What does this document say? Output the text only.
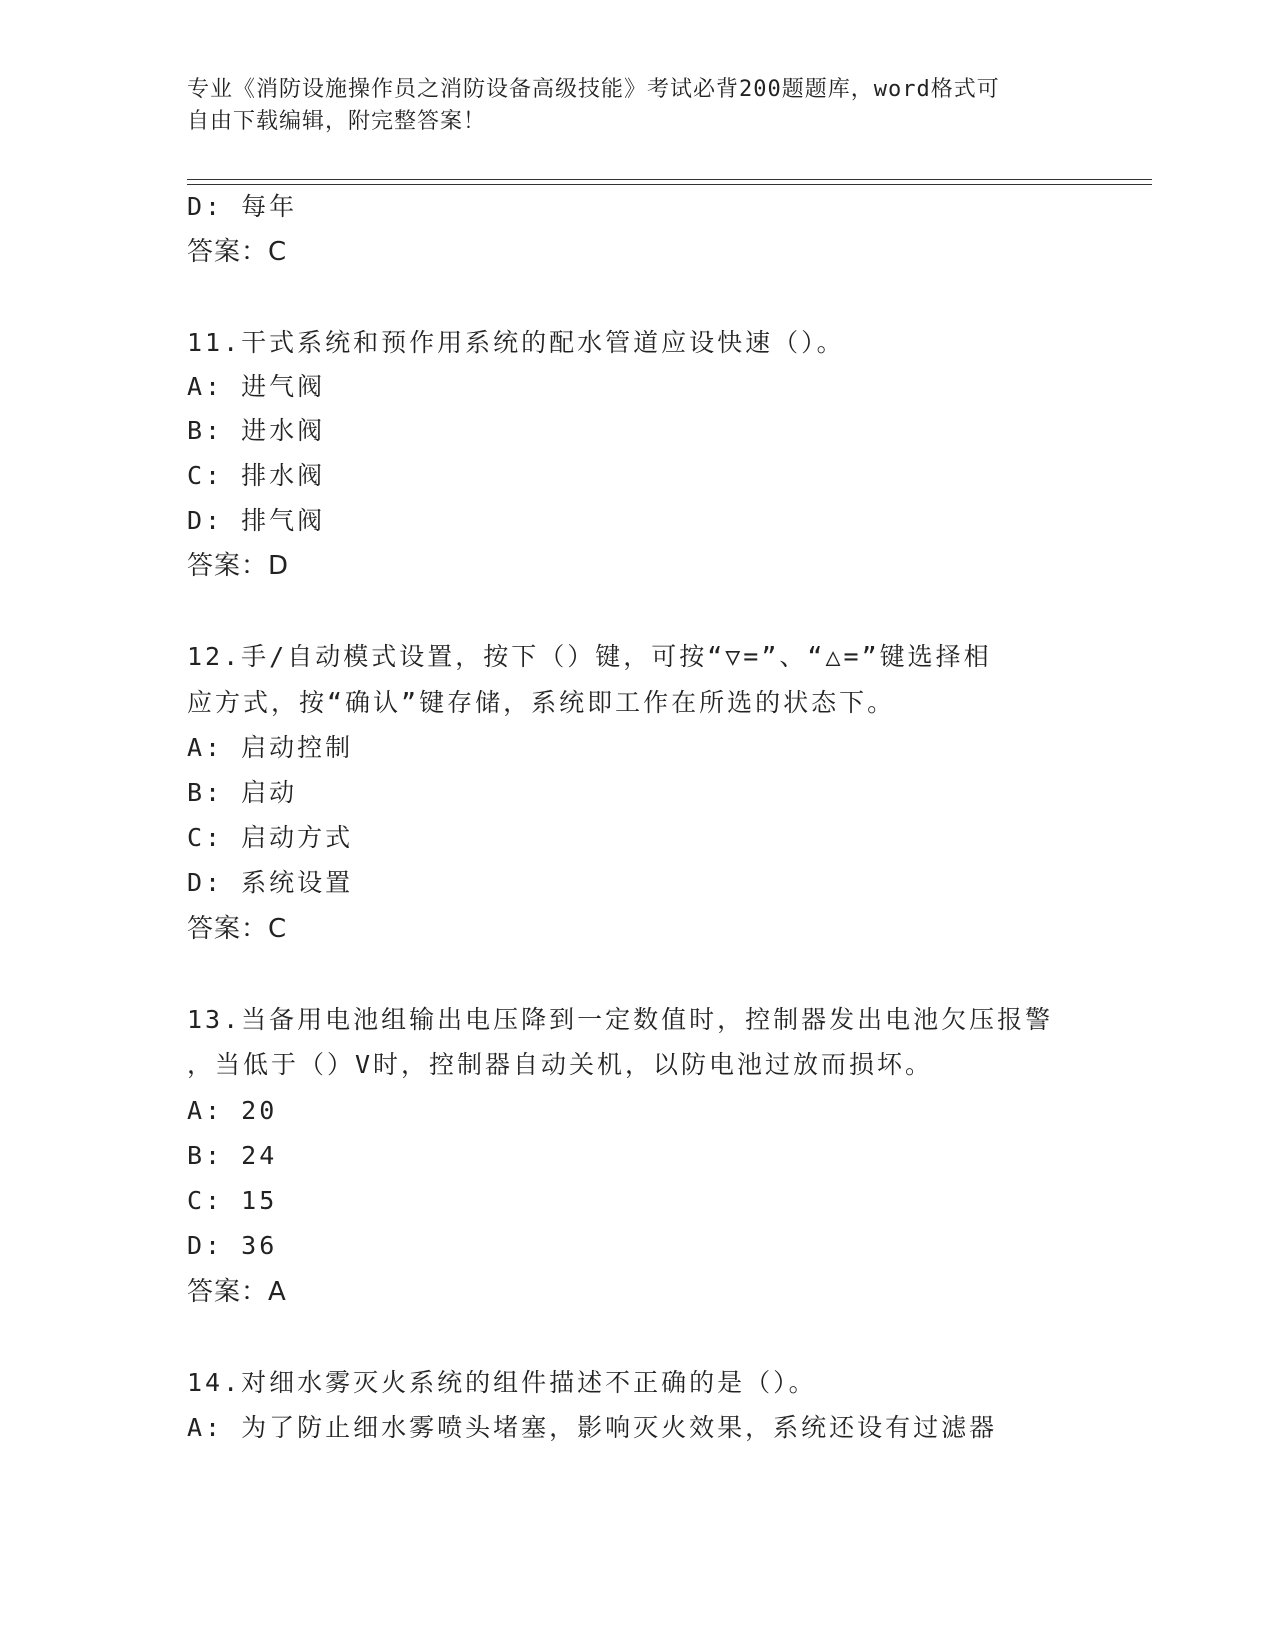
专业《消防设施操作员之消防设备高级技能》考试必背200题题库，word格式可
自由下载编辑，附完整答案！
D: 每年
答案：C
11.干式系统和预作用系统的配水管道应设快速（）。
A: 进气阀
B: 进水阀
C: 排水阀
D: 排气阀
答案：D
12.手/自动模式设置，按下（）键，可按“▽=”、“△=”键选择相
应方式，按“确认”键存储，系统即工作在所选的状态下。
A: 启动控制
B: 启动
C: 启动方式
D: 系统设置
答案：C
13.当备用电池组输出电压降到一定数值时，控制器发出电池欠压报警
，当低于（）V时，控制器自动关机，以防电池过放而损坏。
A: 20
B: 24
C: 15
D: 36
答案：A
14.对细水雾灭火系统的组件描述不正确的是（）。
A: 为了防止细水雾喷头堵塞，影响灭火效果，系统还设有过滤器
